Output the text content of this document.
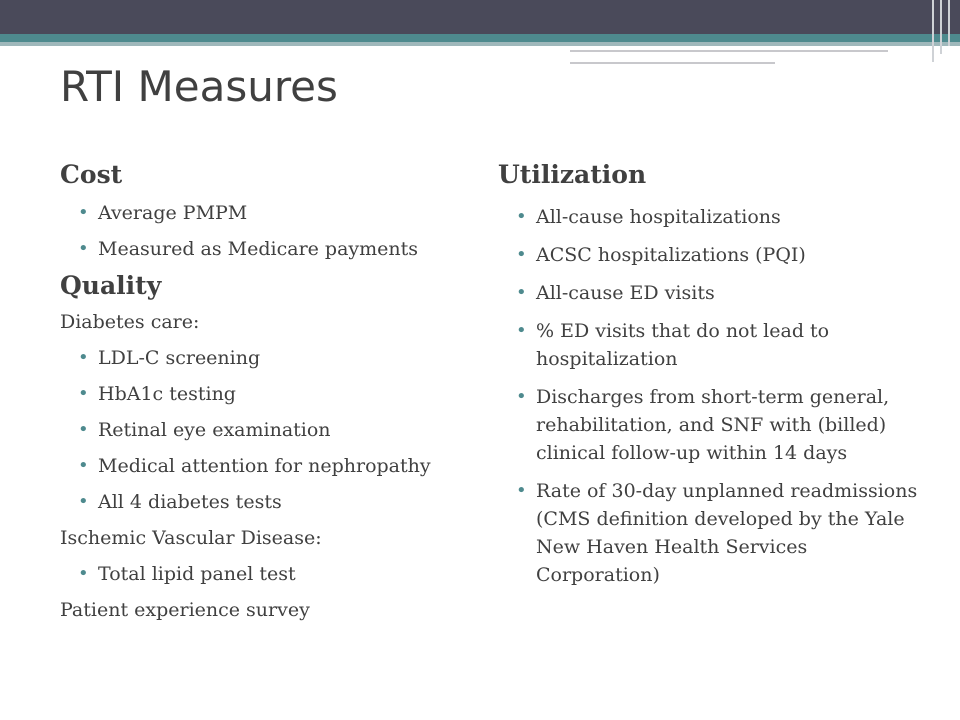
RTI Measures
Cost
• Average PMPM
• Measured as Medicare payments
Quality

Diabetes care:

• LDL-C screening
• HbA1c testing
• Retinal eye examination
• Medical attention for nephropathy
• All 4 diabetes tests

Ischemic Vascular Disease:

• Total lipid panel test

Patient experience survey

Utilization
• All-cause hospitalizations
• ACSC hospitalizations (PQI)
• All-cause ED visits
• % ED visits that do not lead to hospitalization
• Discharges from short-term general, rehabilitation, and SNF with (billed) clinical follow-up within 14 days
• Rate of 30-day unplanned readmissions (CMS definition developed by the Yale New Haven Health Services Corporation)
